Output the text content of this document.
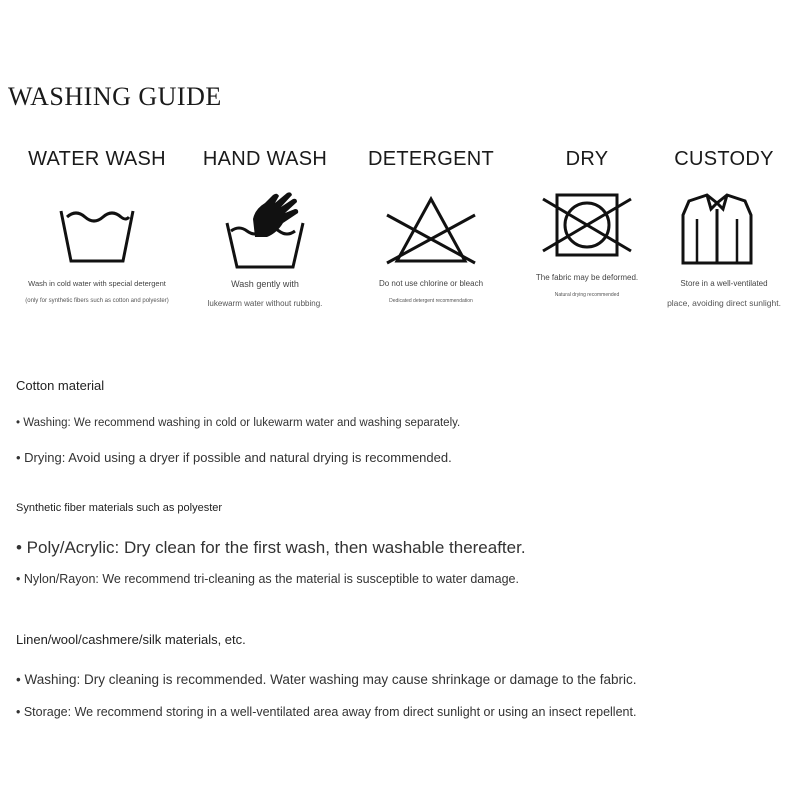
WASHING GUIDE
WATER WASH
Wash in cold water with special detergent
(only for synthetic fibers such as cotton and polyester)
HAND WASH
Wash gently with
lukewarm water without rubbing.
DETERGENT
Do not use chlorine or bleach
Dedicated detergent recommendation
DRY
The fabric may be deformed.
Natural drying recommended
CUSTODY
Store in a well-ventilated
place, avoiding direct sunlight.
Cotton material
• Washing: We recommend washing in cold or lukewarm water and washing separately.
• Drying: Avoid using a dryer if possible and natural drying is recommended.
Synthetic fiber materials such as polyester
• Poly/Acrylic: Dry clean for the first wash, then washable thereafter.
• Nylon/Rayon: We recommend tri-cleaning as the material is susceptible to water damage.
Linen/wool/cashmere/silk materials, etc.
• Washing: Dry cleaning is recommended. Water washing may cause shrinkage or damage to the fabric.
• Storage: We recommend storing in a well-ventilated area away from direct sunlight or using an insect repellent.
